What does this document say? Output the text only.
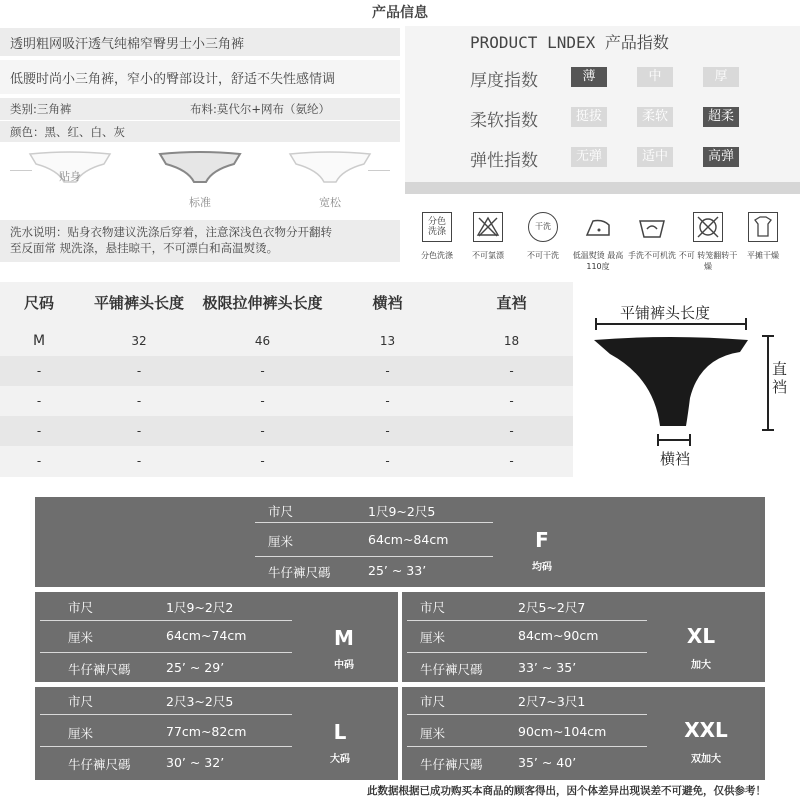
产品信息
透明粗网吸汗透气纯棉窄臀男士小三角裤
低腰时尚小三角裤，窄小的臀部设计，舒适不失性感情调
类别:三角裤	布料:莫代尔+网布（氨纶）
颜色：黑、红、白、灰
贴身
标准	宽松
洗水说明：贴身衣物建议洗涤后穿着，注意深浅色衣物分开翻转
至反面常 规洗涤，悬挂晾干，不可漂白和高温熨烫。
PRODUCT LNDEX 产品指数
厚度指数	薄	中	厚
柔软指数	挺拔	柔软	超柔
弹性指数	无弹	适中	高弹
分色
洗涤
分色洗涤	不可氯漂
干洗
不可干洗	低温熨烫 最高110度
手洗不可机洗 不可 转笼翻转干燥
平摊干燥
尺码	平铺裤头长度	极限拉伸裤头长度	横裆	直裆
M	32	46	13	18
-	-	-	-	-
-	-	-	-	-
-	-	-	-	-
-	-	-	-	-
平铺裤头长度
直
裆
横裆
市尺	1尺9~2尺5
厘米	64cm~84cm
牛仔褲尺碼	25’ ~ 33’
F
均码
市尺	1尺9~2尺2
厘米	64cm~74cm
牛仔褲尺碼	25’ ~ 29’
M
中码
市尺	2尺5~2尺7
厘米	84cm~90cm
牛仔褲尺碼	33’ ~ 35’
XL
加大
市尺	2尺3~2尺5
厘米	77cm~82cm
牛仔褲尺碼	30’ ~ 32’
L
大码
市尺	2尺7~3尺1
厘米	90cm~104cm
牛仔褲尺碼	35’ ~ 40’
XXL
双加大
此数据根据已成功购买本商品的顾客得出，因个体差异出现误差不可避免，仅供参考！
